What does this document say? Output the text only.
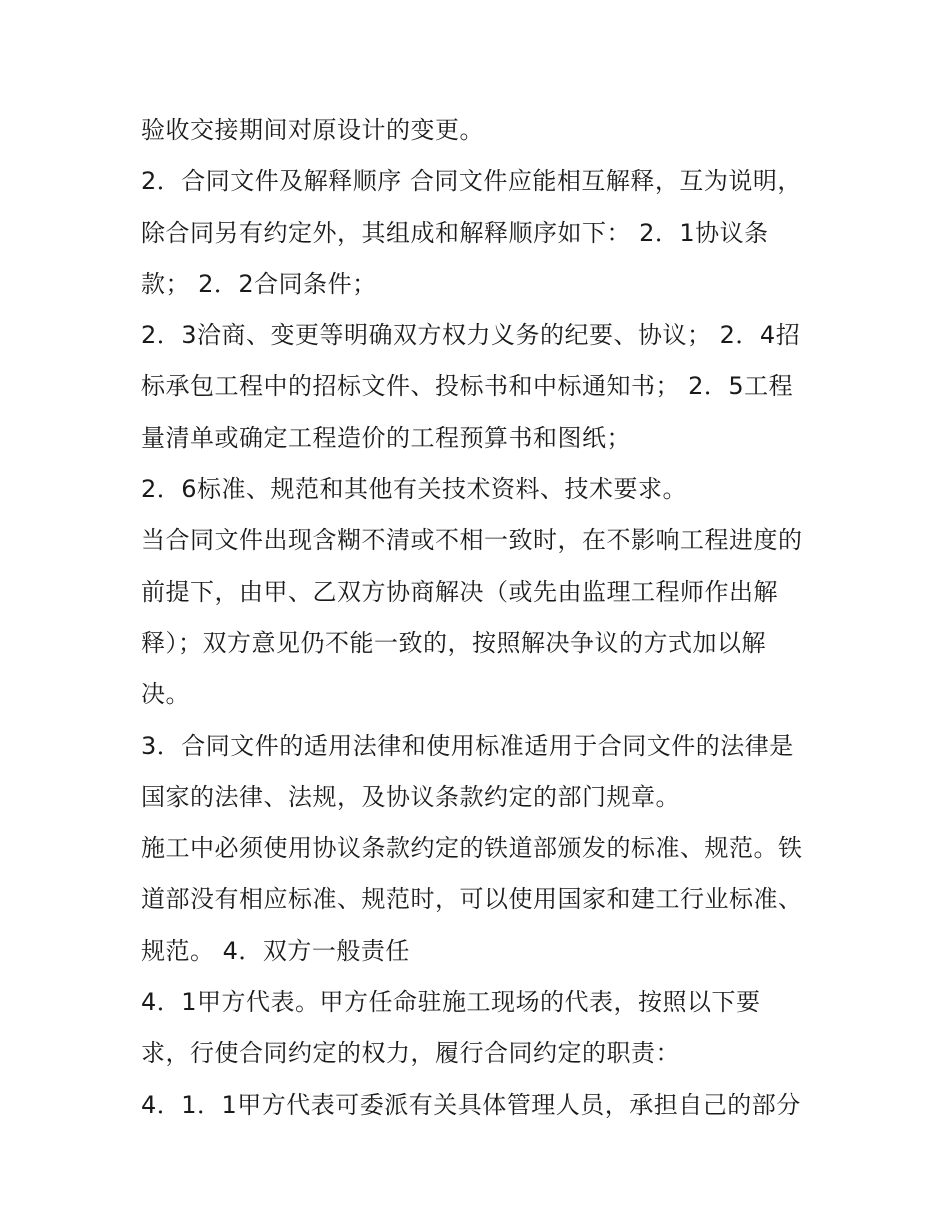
验收交接期间对原设计的变更。
2．合同文件及解释顺序 合同文件应能相互解释，互为说明，
除合同另有约定外，其组成和解释顺序如下： 2．1协议条
款； 2．2合同条件；
2．3洽商、变更等明确双方权力义务的纪要、协议； 2．4招
标承包工程中的招标文件、投标书和中标通知书； 2．5工程
量清单或确定工程造价的工程预算书和图纸；
2．6标准、规范和其他有关技术资料、技术要求。
当合同文件出现含糊不清或不相一致时，在不影响工程进度的
前提下，由甲、乙双方协商解决（或先由监理工程师作出解
释）；双方意见仍不能一致的，按照解决争议的方式加以解
决。
3．合同文件的适用法律和使用标准适用于合同文件的法律是
国家的法律、法规，及协议条款约定的部门规章。
施工中必须使用协议条款约定的铁道部颁发的标准、规范。铁
道部没有相应标准、规范时，可以使用国家和建工行业标准、
规范。 4．双方一般责任
4．1甲方代表。甲方任命驻施工现场的代表，按照以下要
求，行使合同约定的权力，履行合同约定的职责：
4．1．1甲方代表可委派有关具体管理人员，承担自己的部分
